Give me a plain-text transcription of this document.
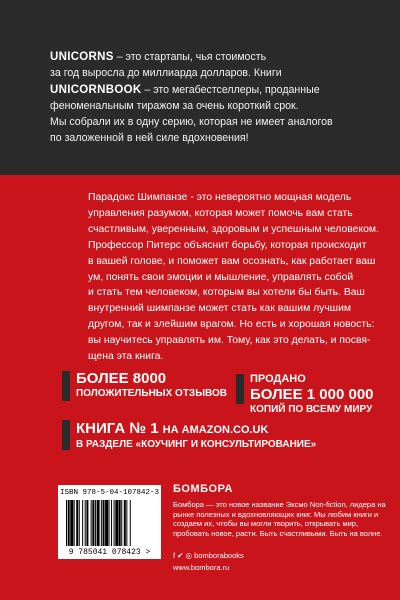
UNICORNS – это стартапы, чья стоимость
за год выросла до миллиарда долларов. Книги
UNICORNBOOK – это мегабестселлеры, проданные
феноменальным тиражом за очень короткий срок.
Мы собрали их в одну серию, которая не имеет аналогов
по заложенной в ней силе вдохновения!
Парадокс Шимпанзе - это невероятно мощная модель
управления разумом, которая может помочь вам стать
счастливым, уверенным, здоровым и успешным человеком.
Профессор Питерс объяснит борьбу, которая происходит
в вашей голове, и поможет вам осознать, как работает ваш
ум, понять свои эмоции и мышление, управлять собой
и стать тем человеком, которым вы хотели бы быть. Ваш
внутренний шимпанзе может стать как вашим лучшим
другом, так и злейшим врагом. Но есть и хорошая новость:
вы научитесь управлять им. Тому, как это делать, и посвя-
щена эта книга.
БОЛЕЕ 8000
ПОЛОЖИТЕЛЬНЫХ ОТЗЫВОВ
ПРОДАНО
БОЛЕЕ 1 000 000
КОПИЙ ПО ВСЕМУ МИРУ
КНИГА № 1 НА AMAZON.CO.UK
В РАЗДЕЛЕ «КОУЧИНГ И КОНСУЛЬТИРОВАНИЕ»
ISBN 978-5-04-107842-3
9 785041 078423 >
БОМБОРА
Бомбора — это новое название Эксмо Non-fiction, лидера на рынке полезных и вдохновляющих книг. Мы любим книги и создаем их, чтобы вы могли творить, открывать мир, пробовать новое, расти. Быть счастливыми. Быть на волне.
f ✔ ◎ bomborabooks
www.bombora.ru
